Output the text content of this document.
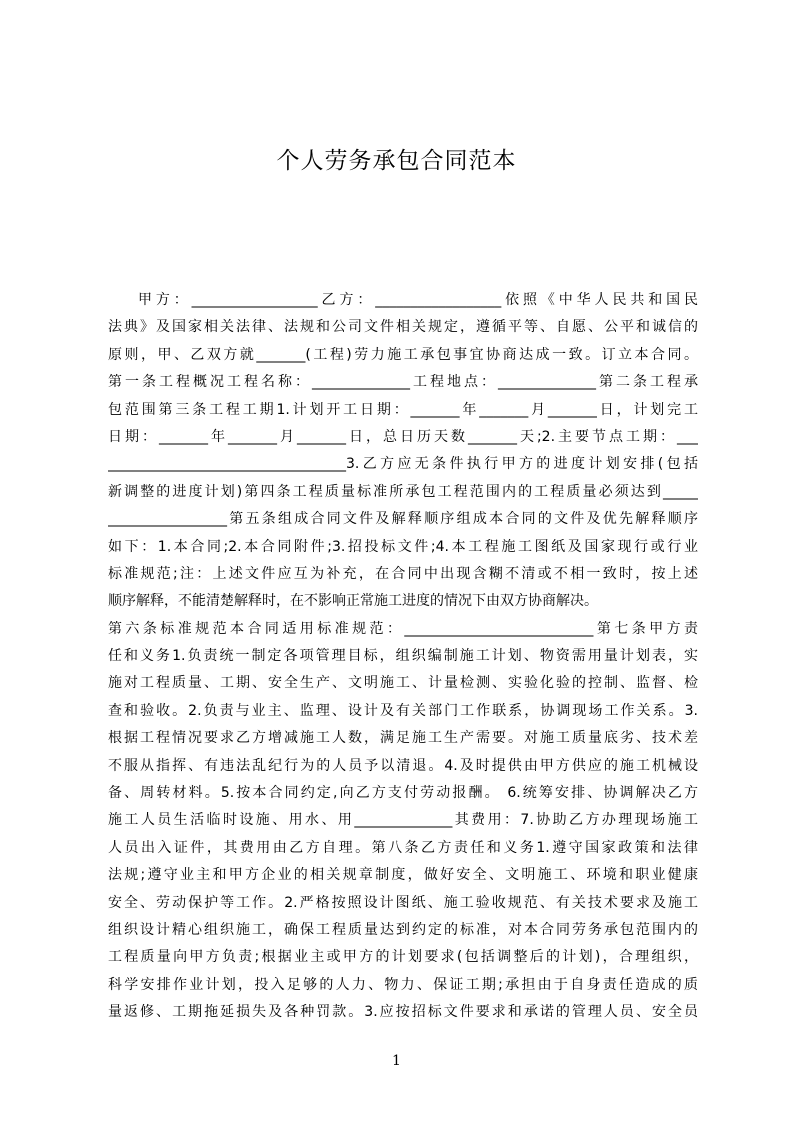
个人劳务承包合同范本
甲方：__________________乙方：__________________依照《中华人民共和国民
法典》及国家相关法律、法规和公司文件相关规定，遵循平等、自愿、公平和诚信的
原则，甲、乙双方就_______(工程)劳力施工承包事宜协商达成一致。订立本合同。
第一条工程概况工程名称：______________工程地点：______________第二条工程承
包范围第三条工程工期1.计划开工日期：_______年_______月_______日，计划完工
日期：_______年_______月_______日，总日历天数_______天;2.主要节点工期：___
__________________________________3.乙方应无条件执行甲方的进度计划安排(包括
新调整的进度计划)第四条工程质量标准所承包工程范围内的工程质量必须达到_____
_________________第五条组成合同文件及解释顺序组成本合同的文件及优先解释顺序
如下：1.本合同;2.本合同附件;3.招投标文件;4.本工程施工图纸及国家现行或行业
标准规范;注：上述文件应互为补充，在合同中出现含糊不清或不相一致时，按上述
顺序解释，不能清楚解释时，在不影响正常施工进度的情况下由双方协商解决。
第六条标准规范本合同适用标准规范：___________________________第七条甲方责
任和义务1.负责统一制定各项管理目标，组织编制施工计划、物资需用量计划表，实
施对工程质量、工期、安全生产、文明施工、计量检测、实验化验的控制、监督、检
查和验收。2.负责与业主、监理、设计及有关部门工作联系，协调现场工作关系。3.
根据工程情况要求乙方增减施工人数，满足施工生产需要。对施工质量底劣、技术差
不服从指挥、有违法乱纪行为的人员予以清退。4.及时提供由甲方供应的施工机械设
备、周转材料。5.按本合同约定,向乙方支付劳动报酬。 6.统筹安排、协调解决乙方
施工人员生活临时设施、用水、用______________其费用：7.协助乙方办理现场施工
人员出入证件，其费用由乙方自理。第八条乙方责任和义务1.遵守国家政策和法律
法规;遵守业主和甲方企业的相关规章制度，做好安全、文明施工、环境和职业健康
安全、劳动保护等工作。2.严格按照设计图纸、施工验收规范、有关技术要求及施工
组织设计精心组织施工，确保工程质量达到约定的标准，对本合同劳务承包范围内的
工程质量向甲方负责;根据业主或甲方的计划要求(包括调整后的计划)，合理组织，
科学安排作业计划，投入足够的人力、物力、保证工期;承担由于自身责任造成的质
量返修、工期拖延损失及各种罚款。3.应按招标文件要求和承诺的管理人员、安全员
1
